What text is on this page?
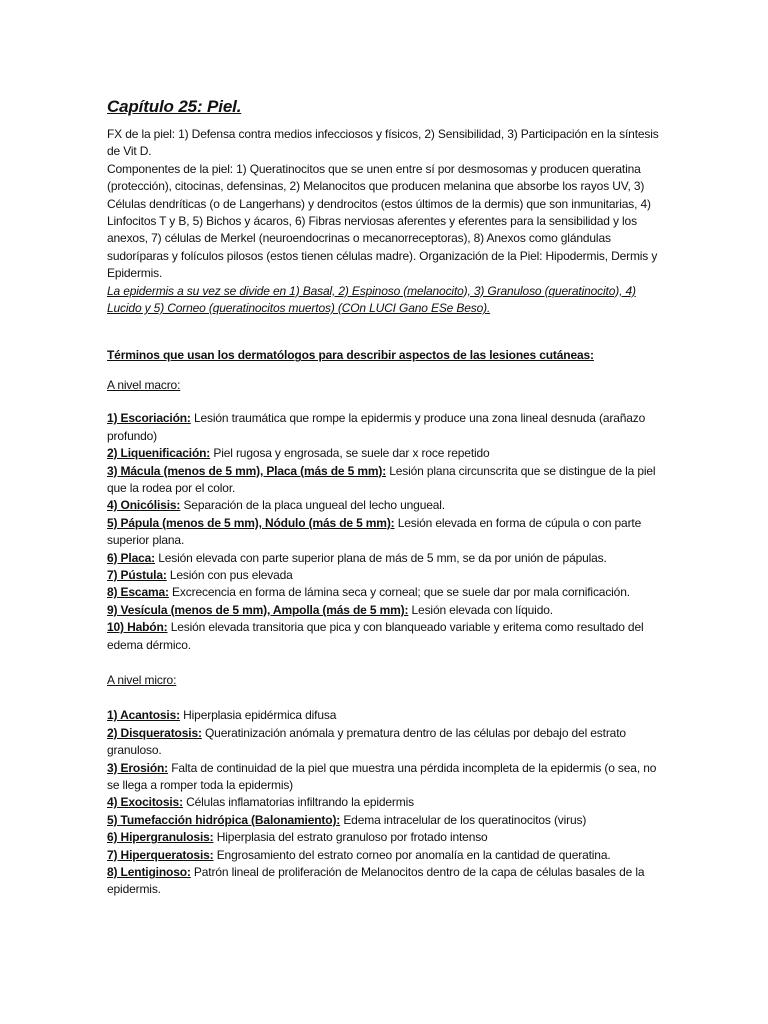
Capítulo 25: Piel.

FX de la piel: 1) Defensa contra medios infecciosos y físicos, 2) Sensibilidad, 3) Participación en la síntesis de Vit D.

Componentes de la piel: 1) Queratinocitos que se unen entre sí por desmosomas y producen queratina (protección), citocinas, defensinas, 2) Melanocitos que producen melanina que absorbe los rayos UV, 3) Células dendríticas (o de Langerhans) y dendrocitos (estos últimos de la dermis) que son inmunitarias, 4) Linfocitos T y B, 5) Bichos y ácaros, 6) Fibras nerviosas aferentes y eferentes para la sensibilidad y los anexos, 7) células de Merkel (neuroendocrinas o mecanorreceptoras), 8) Anexos como glándulas sudoríparas y folículos pilosos (estos tienen células madre). Organización de la Piel: Hipodermis, Dermis y Epidermis.

La epidermis a su vez se divide en 1) Basal, 2) Espinoso (melanocito), 3) Granuloso (queratinocito), 4) Lucido y 5) Corneo (queratinocitos muertos) (COn LUCI Gano ESe Beso).

Términos que usan los dermatólogos para describir aspectos de las lesiones cutáneas:

A nivel macro:

1) Escoriación: Lesión traumática que rompe la epidermis y produce una zona lineal desnuda (arañazo profundo)

2) Liquenificación: Piel rugosa y engrosada, se suele dar x roce repetido

3) Mácula (menos de 5 mm), Placa (más de 5 mm): Lesión plana circunscrita que se distingue de la piel que la rodea por el color.

4) Onicólisis: Separación de la placa ungueal del lecho ungueal.

5) Pápula (menos de 5 mm), Nódulo (más de 5 mm): Lesión elevada en forma de cúpula o con parte superior plana.

6) Placa: Lesión elevada con parte superior plana de más de 5 mm, se da por unión de pápulas.

7) Pústula: Lesión con pus elevada

8) Escama: Excrecencia en forma de lámina seca y corneal; que se suele dar por mala cornificación.

9) Vesícula (menos de 5 mm), Ampolla (más de 5 mm): Lesión elevada con líquido.

10) Habón: Lesión elevada transitoria que pica y con blanqueado variable y eritema como resultado del edema dérmico.

A nivel micro:

1) Acantosis: Hiperplasia epidérmica difusa

2) Disqueratosis: Queratinización anómala y prematura dentro de las células por debajo del estrato granuloso.

3) Erosión: Falta de continuidad de la piel que muestra una pérdida incompleta de la epidermis (o sea, no se llega a romper toda la epidermis)

4) Exocitosis: Células inflamatorias infiltrando la epidermis

5) Tumefacción hidrópica (Balonamiento): Edema intracelular de los queratinocitos (virus)

6) Hipergranulosis: Hiperplasia del estrato granuloso por frotado intenso

7) Hiperqueratosis: Engrosamiento del estrato corneo por anomalía en la cantidad de queratina.

8) Lentiginoso: Patrón lineal de proliferación de Melanocitos dentro de la capa de células basales de la epidermis.
